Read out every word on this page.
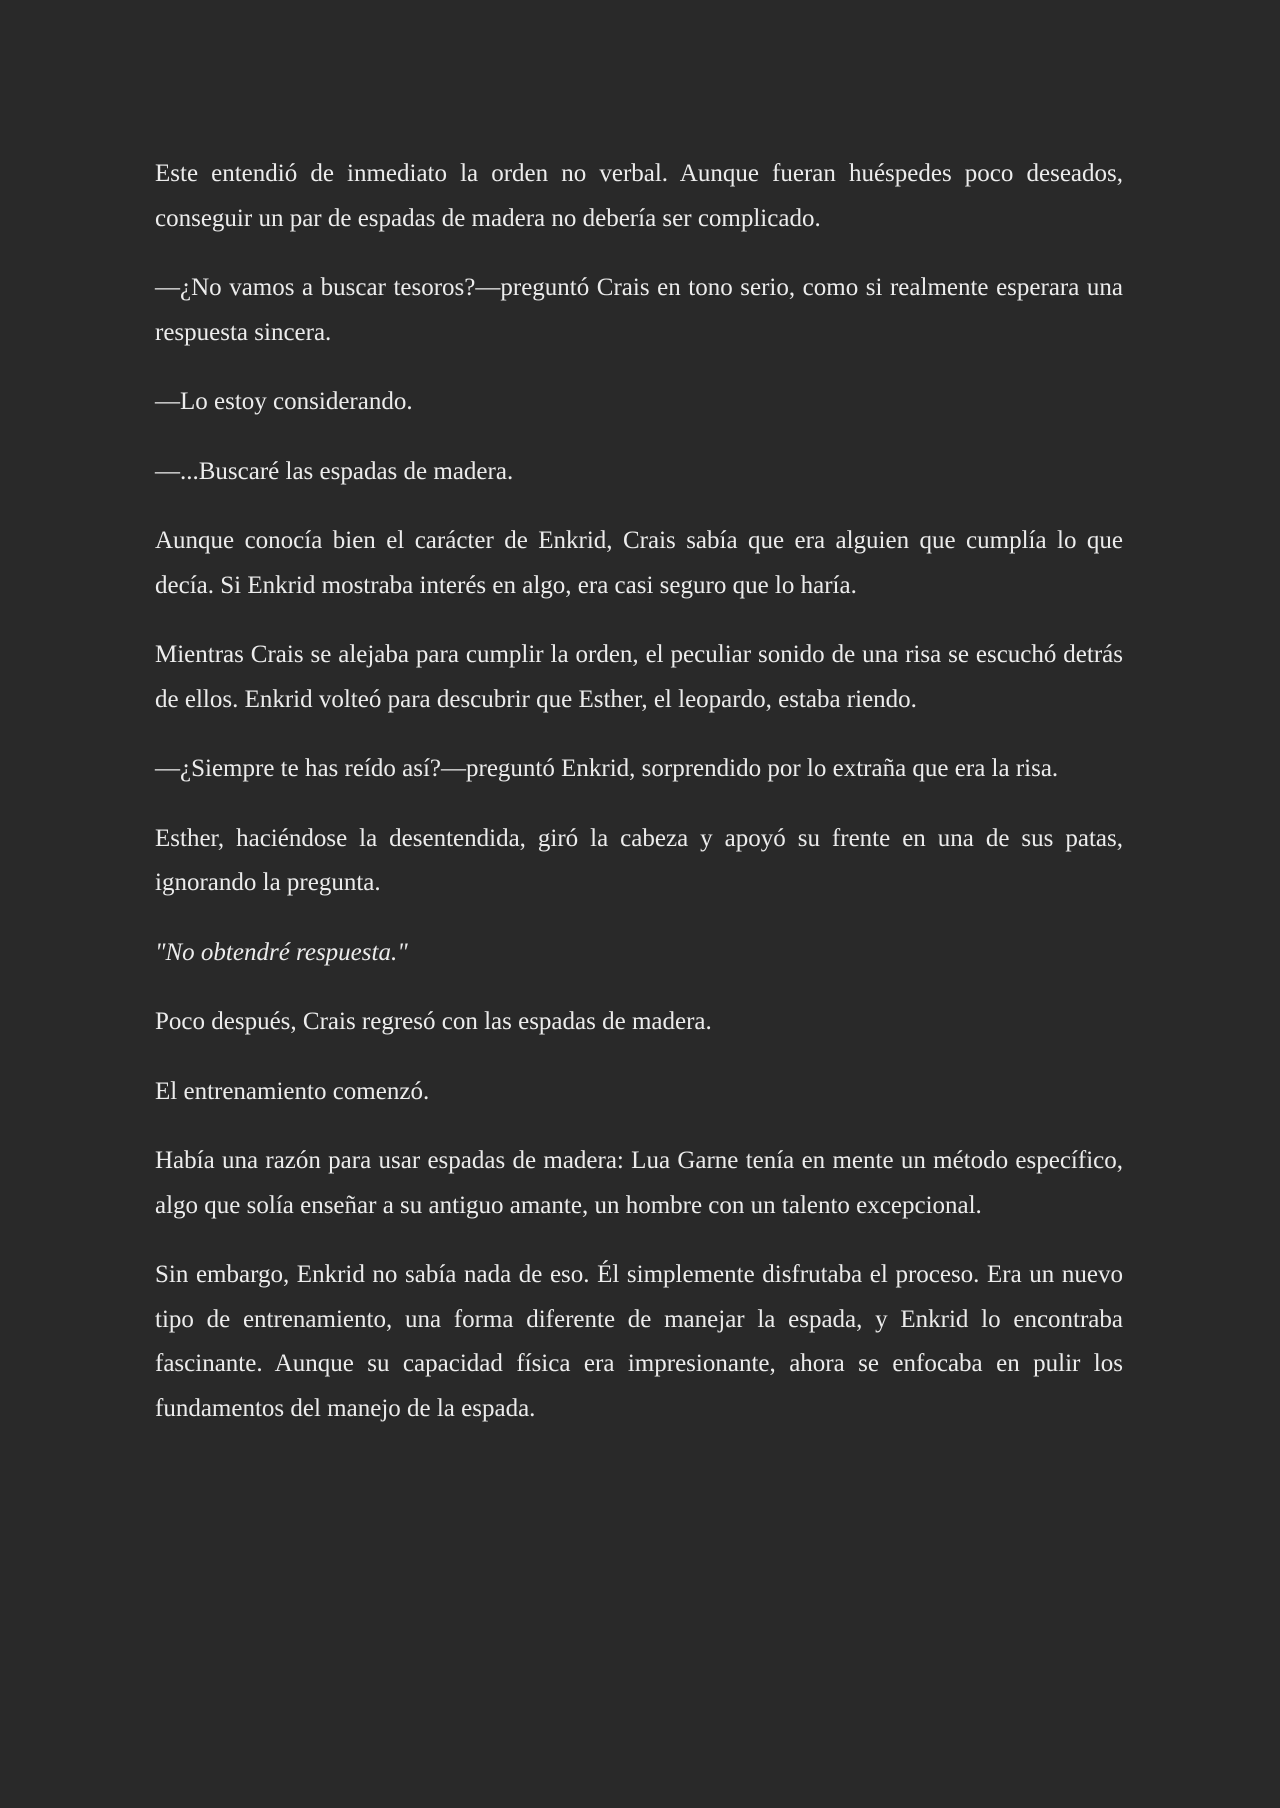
Este entendió de inmediato la orden no verbal. Aunque fueran huéspedes poco deseados, conseguir un par de espadas de madera no debería ser complicado.

—¿No vamos a buscar tesoros?—preguntó Crais en tono serio, como si realmente esperara una respuesta sincera.

—Lo estoy considerando.

—...Buscaré las espadas de madera.

Aunque conocía bien el carácter de Enkrid, Crais sabía que era alguien que cumplía lo que decía. Si Enkrid mostraba interés en algo, era casi seguro que lo haría.

Mientras Crais se alejaba para cumplir la orden, el peculiar sonido de una risa se escuchó detrás de ellos. Enkrid volteó para descubrir que Esther, el leopardo, estaba riendo.

—¿Siempre te has reído así?—preguntó Enkrid, sorprendido por lo extraña que era la risa.

Esther, haciéndose la desentendida, giró la cabeza y apoyó su frente en una de sus patas, ignorando la pregunta.

"No obtendré respuesta."

Poco después, Crais regresó con las espadas de madera.

El entrenamiento comenzó.

Había una razón para usar espadas de madera: Lua Garne tenía en mente un método específico, algo que solía enseñar a su antiguo amante, un hombre con un talento excepcional.

Sin embargo, Enkrid no sabía nada de eso. Él simplemente disfrutaba el proceso. Era un nuevo tipo de entrenamiento, una forma diferente de manejar la espada, y Enkrid lo encontraba fascinante. Aunque su capacidad física era impresionante, ahora se enfocaba en pulir los fundamentos del manejo de la espada.
